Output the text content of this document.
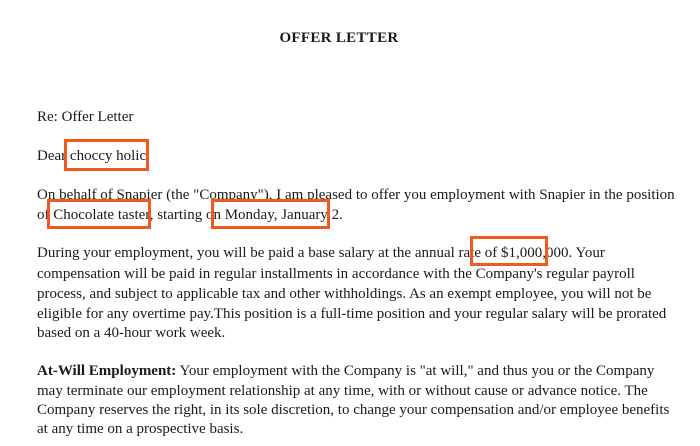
OFFER LETTER
Re: Offer Letter
Dear choccy holic,
On behalf of Snapier (the "Company"), I am pleased to offer you employment with Snapier in the position
of Chocolate taster, starting on Monday, January 2.
During your employment, you will be paid a base salary at the annual rate of $1,000,000. Your
compensation will be paid in regular installments in accordance with the Company's regular payroll
process, and subject to applicable tax and other withholdings. As an exempt employee, you will not be
eligible for any overtime pay.This position is a full-time position and your regular salary will be prorated
based on a 40-hour work week.
At-Will Employment: Your employment with the Company is "at will," and thus you or the Company
may terminate our employment relationship at any time, with or without cause or advance notice. The
Company reserves the right, in its sole discretion, to change your compensation and/or employee benefits
at any time on a prospective basis.
